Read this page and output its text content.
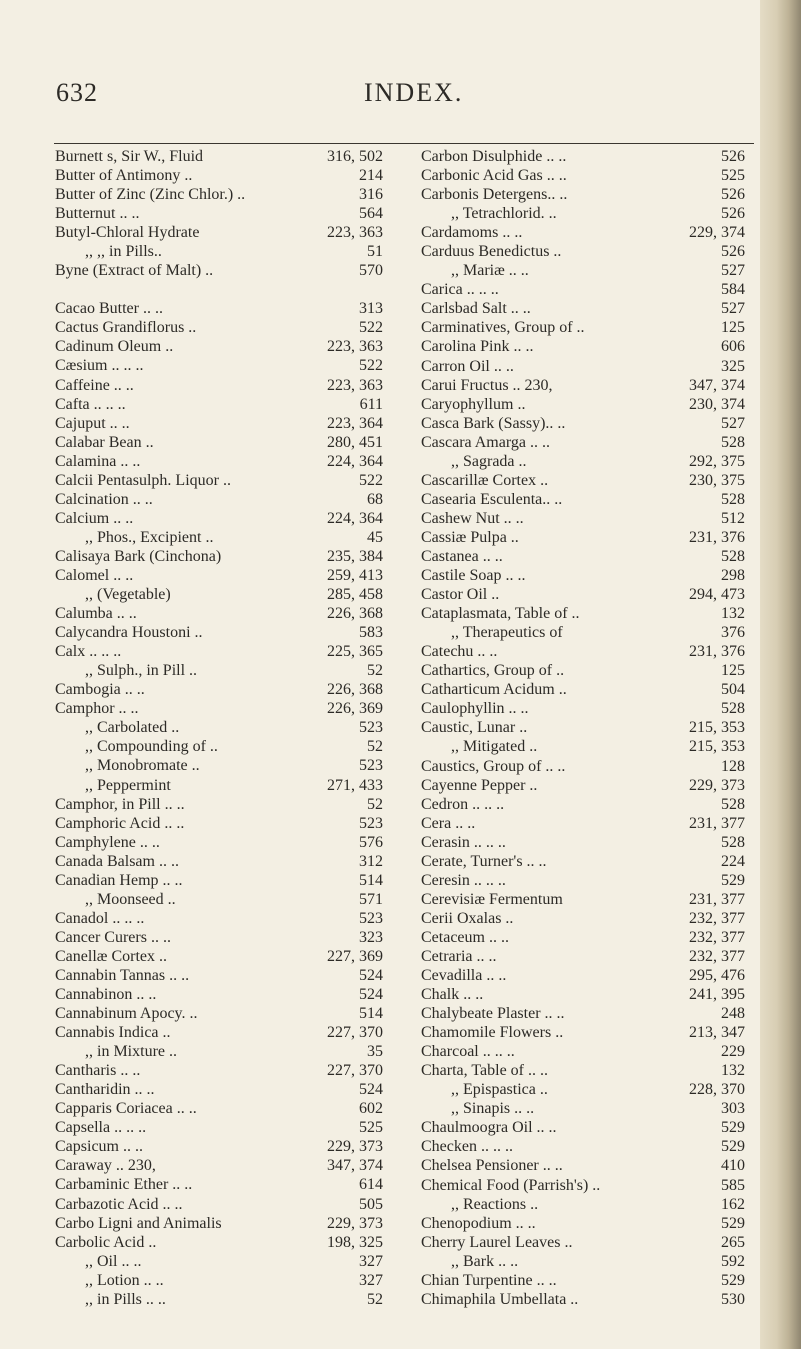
632	INDEX.
Burnett s, Sir W., Fluid	316, 502
Butter of Antimony ..	214
Butter of Zinc (Zinc Chlor.) ..	316
Butternut .. ..	564
Butyl-Chloral Hydrate	223, 363
,, ,, in Pills..	51
Byne (Extract of Malt) ..	570
Cacao Butter .. ..	313
Cactus Grandiflorus ..	522
Cadinum Oleum ..	223, 363
Cæsium .. .. ..	522
Caffeine .. ..	223, 363
Cafta .. .. ..	611
Cajuput .. ..	223, 364
Calabar Bean ..	280, 451
Calamina .. ..	224, 364
Calcii Pentasulph. Liquor ..	522
Calcination .. ..	68
Calcium .. ..	224, 364
,, Phos., Excipient ..	45
Calisaya Bark (Cinchona)	235, 384
Calomel .. ..	259, 413
,, (Vegetable)	285, 458
Calumba .. ..	226, 368
Calycandra Houstoni ..	583
Calx .. .. ..	225, 365
,, Sulph., in Pill ..	52
Cambogia .. ..	226, 368
Camphor .. ..	226, 369
,, Carbolated ..	523
,, Compounding of ..	52
,, Monobromate ..	523
,, Peppermint	271, 433
Camphor, in Pill .. ..	52
Camphoric Acid .. ..	523
Camphylene .. ..	576
Canada Balsam .. ..	312
Canadian Hemp .. ..	514
,, Moonseed ..	571
Canadol .. .. ..	523
Cancer Curers .. ..	323
Canellæ Cortex ..	227, 369
Cannabin Tannas .. ..	524
Cannabinon .. ..	524
Cannabinum Apocy. ..	514
Cannabis Indica ..	227, 370
,, in Mixture ..	35
Cantharis .. ..	227, 370
Cantharidin .. ..	524
Capparis Coriacea .. ..	602
Capsella .. .. ..	525
Capsicum .. ..	229, 373
Caraway .. 230,	347, 374
Carbaminic Ether .. ..	614
Carbazotic Acid .. ..	505
Carbo Ligni and Animalis	229, 373
Carbolic Acid ..	198, 325
,, Oil .. ..	327
,, Lotion .. ..	327
,, in Pills .. ..	52
Carbon Disulphide .. ..	526
Carbonic Acid Gas .. ..	525
Carbonis Detergens.. ..	526
,, Tetrachlorid. ..	526
Cardamoms .. ..	229, 374
Carduus Benedictus ..	526
,, Mariæ .. ..	527
Carica .. .. ..	584
Carlsbad Salt .. ..	527
Carminatives, Group of ..	125
Carolina Pink .. ..	606
Carron Oil .. ..	325
Carui Fructus .. 230,	347, 374
Caryophyllum ..	230, 374
Casca Bark (Sassy).. ..	527
Cascara Amarga .. ..	528
,, Sagrada ..	292, 375
Cascarillæ Cortex ..	230, 375
Casearia Esculenta.. ..	528
Cashew Nut .. ..	512
Cassiæ Pulpa ..	231, 376
Castanea .. ..	528
Castile Soap .. ..	298
Castor Oil ..	294, 473
Cataplasmata, Table of ..	132
,, Therapeutics of	376
Catechu .. ..	231, 376
Cathartics, Group of ..	125
Catharticum Acidum ..	504
Caulophyllin .. ..	528
Caustic, Lunar ..	215, 353
,, Mitigated ..	215, 353
Caustics, Group of .. ..	128
Cayenne Pepper ..	229, 373
Cedron .. .. ..	528
Cera .. ..	231, 377
Cerasin .. .. ..	528
Cerate, Turner's .. ..	224
Ceresin .. .. ..	529
Cerevisiæ Fermentum	231, 377
Cerii Oxalas ..	232, 377
Cetaceum .. ..	232, 377
Cetraria .. ..	232, 377
Cevadilla .. ..	295, 476
Chalk .. ..	241, 395
Chalybeate Plaster .. ..	248
Chamomile Flowers ..	213, 347
Charcoal .. .. ..	229
Charta, Table of .. ..	132
,, Epispastica ..	228, 370
,, Sinapis .. ..	303
Chaulmoogra Oil .. ..	529
Checken .. .. ..	529
Chelsea Pensioner .. ..	410
Chemical Food (Parrish's) ..	585
,, Reactions ..	162
Chenopodium .. ..	529
Cherry Laurel Leaves ..	265
,, Bark .. ..	592
Chian Turpentine .. ..	529
Chimaphila Umbellata ..	530
